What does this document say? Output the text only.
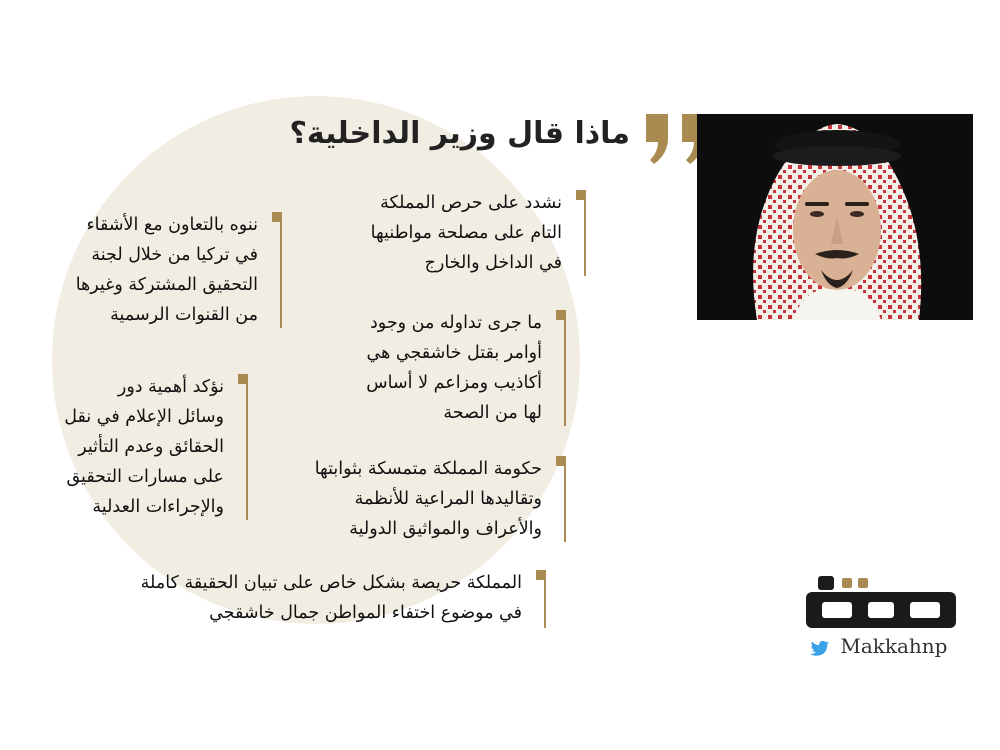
ماذا قال وزير الداخلية؟
نشدد على حرص المملكة
التام على مصلحة مواطنيها
في الداخل والخارج
ما جرى تداوله من وجود
أوامر بقتل خاشقجي هي
أكاذيب ومزاعم لا أساس
لها من الصحة
حكومة المملكة متمسكة بثوابتها
وتقاليدها المراعية للأنظمة
والأعراف والمواثيق الدولية
المملكة حريصة بشكل خاص على تبيان الحقيقة كاملة
في موضوع اختفاء المواطن جمال خاشقجي
ننوه بالتعاون مع الأشقاء
في تركيا من خلال لجنة
التحقيق المشتركة وغيرها
من القنوات الرسمية
نؤكد أهمية دور
وسائل الإعلام في نقل
الحقائق وعدم التأثير
على مسارات التحقيق
والإجراءات العدلية
Makkahnp
